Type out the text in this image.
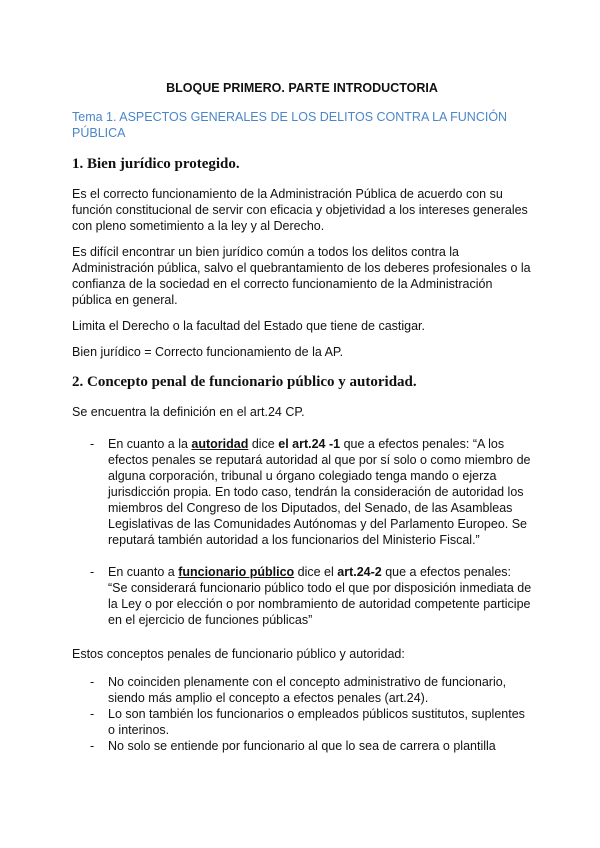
BLOQUE PRIMERO. PARTE INTRODUCTORIA
Tema 1. ASPECTOS GENERALES DE LOS DELITOS CONTRA LA FUNCIÓN PÚBLICA
1. Bien jurídico protegido.

Es el correcto funcionamiento de la Administración Pública de acuerdo con su función constitucional de servir con eficacia y objetividad a los intereses generales con pleno sometimiento a la ley y al Derecho.

Es difícil encontrar un bien jurídico común a todos los delitos contra la Administración pública, salvo el quebrantamiento de los deberes profesionales o la confianza de la sociedad en el correcto funcionamiento de la Administración pública en general.

Limita el Derecho o la facultad del Estado que tiene de castigar.

Bien jurídico = Correcto funcionamiento de la AP.

2. Concepto penal de funcionario público y autoridad.

Se encuentra la definición en el art.24 CP.

- En cuanto a la autoridad dice el art.24 -1 que a efectos penales: “A los efectos penales se reputará autoridad al que por sí solo o como miembro de alguna corporación, tribunal u órgano colegiado tenga mando o ejerza jurisdicción propia. En todo caso, tendrán la consideración de autoridad los miembros del Congreso de los Diputados, del Senado, de las Asambleas Legislativas de las Comunidades Autónomas y del Parlamento Europeo. Se reputará también autoridad a los funcionarios del Ministerio Fiscal.”
- En cuanto a funcionario público dice el art.24-2 que a efectos penales: “Se considerará funcionario público todo el que por disposición inmediata de la Ley o por elección o por nombramiento de autoridad competente participe en el ejercicio de funciones públicas”

Estos conceptos penales de funcionario público y autoridad:

- No coinciden plenamente con el concepto administrativo de funcionario, siendo más amplio el concepto a efectos penales (art.24).
- Lo son también los funcionarios o empleados públicos sustitutos, suplentes o interinos.
- No solo se entiende por funcionario al que lo sea de carrera o plantilla
